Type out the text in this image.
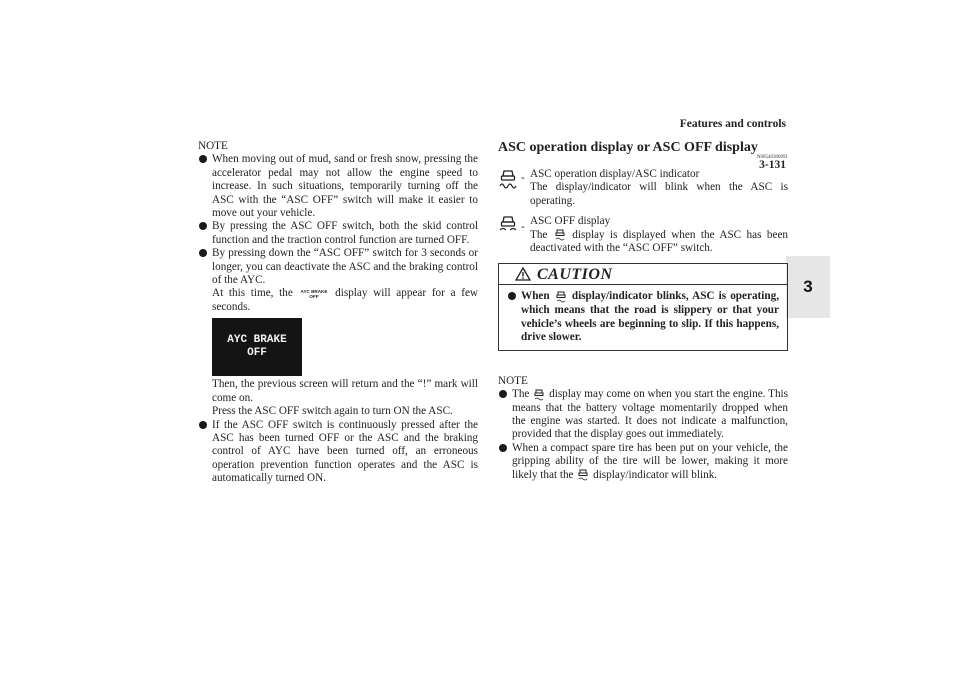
Features and controls
3-131
3
NOTE

When moving out of mud, sand or fresh snow, pressing the accelerator pedal may not allow the engine speed to increase. In such situations, temporarily turning off the ASC with the “ASC OFF” switch will make it easier to move out your vehicle.

By pressing the ASC OFF switch, both the skid control function and the traction control function are turned OFF.

By pressing down the “ASC OFF” switch for 3 seconds or longer, you can deactivate the ASC and the braking control of the AYC.

At this time, the AYC BRAKE
OFF display will appear for a few seconds.

AYC BRAKE
OFF

Then, the previous screen will return and the “!” mark will come on.

Press the ASC OFF switch again to turn ON the ASC.

If the ASC OFF switch is continuously pressed after the ASC has been turned OFF or the ASC and the braking control of AYC have been turned off, an erroneous operation prevention function operates and the ASC is automatically turned ON.

ASC operation display or ASC OFF display
N00546300091
- ASC operation display/ASC indicator
The display/indicator will blink when the ASC is operating.
- ASC OFF display
The display is displayed when the ASC has been deactivated with the “ASC OFF” switch.
CAUTION

When display/indicator blinks, ASC is operating, which means that the road is slippery or that your vehicle’s wheels are beginning to slip. If this happens, drive slower.

NOTE

The display may come on when you start the engine. This means that the battery voltage momentarily dropped when the engine was started. It does not indicate a malfunction, provided that the display goes out immediately.

When a compact spare tire has been put on your vehicle, the gripping ability of the tire will be lower, making it more likely that the display/indicator will blink.
